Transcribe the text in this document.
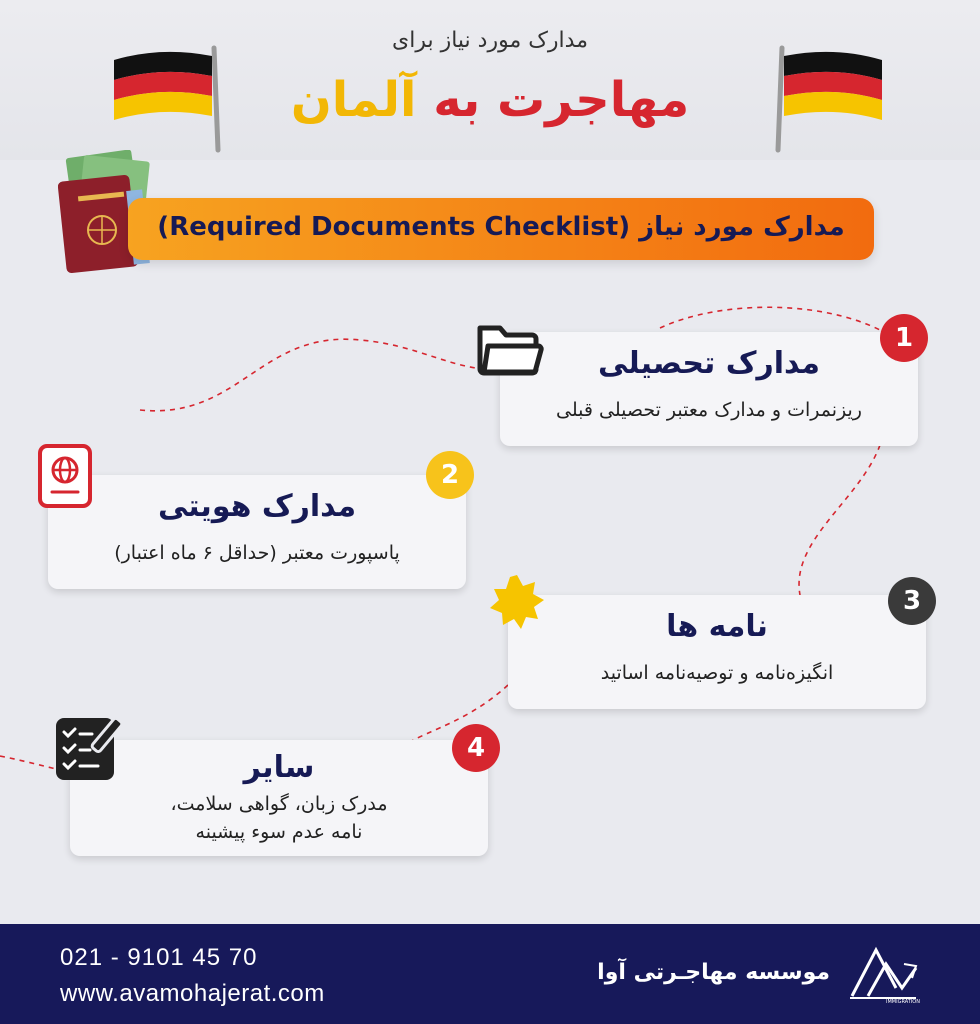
مدارک مورد نیاز برای
مهاجرت به آلمان
مدارک مورد نیاز (Required Documents Checklist)
مدارک تحصیلی

ریزنمرات و مدارک معتبر تحصیلی قبلی

1
مدارک هویتی

پاسپورت معتبر (حداقل ۶ ماه اعتبار)

2
نامه ها

انگیزه‌نامه و توصیه‌نامه اساتید

3
سایر

مدرک زبان، گواهی سلامت،

نامه عدم سوء پیشینه

4
021 - 9101 45 70
www.avamohajerat.com
موسسه مهاجـرتی آوا
IMMIGRATION
